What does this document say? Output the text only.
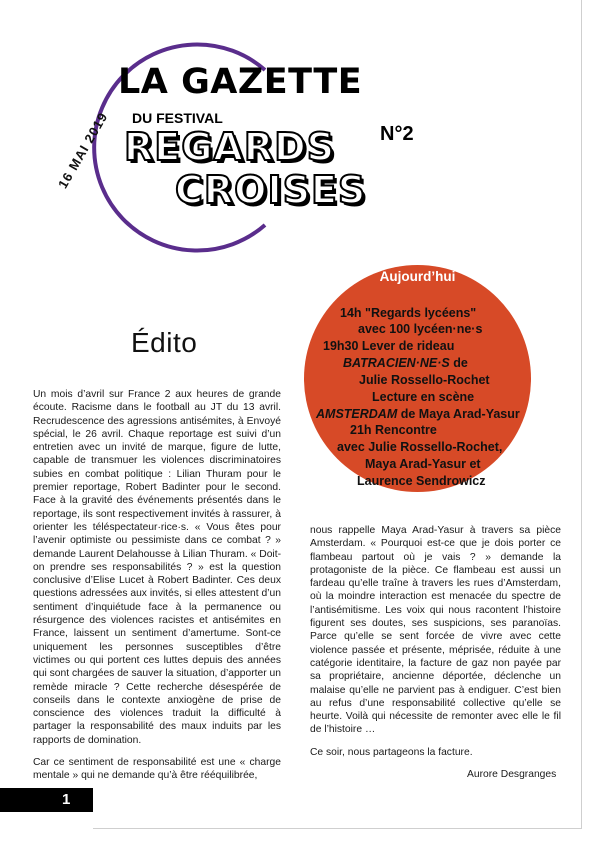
16 MAI 2019
LA GAZETTE
DU FESTIVAL
REGARDS
CROISES
N°2
Aujourd’hui
14h "Regards lycéens"
avec 100 lycéen·ne·s
19h30 Lever de rideau
BATRACIEN·NE·S de
Julie Rossello-Rochet
Lecture en scène
AMSTERDAM de Maya Arad-Yasur
21h Rencontre
avec Julie Rossello-Rochet,
Maya Arad-Yasur et
Laurence Sendrowicz
Édito

Un mois d’avril sur France 2 aux heures de grande écoute. Racisme dans le football au JT du 13 avril. Recrudescence des agressions antisémites, à Envoyé spécial, le 26 avril. Chaque reportage est suivi d’un entretien avec un invité de marque, figure de lutte, capable de transmuer les violences discriminatoires subies en combat politique : Lilian Thuram pour le premier reportage, Robert Badinter pour le second. Face à la gravité des événements présentés dans le reportage, ils sont respectivement invités à rassurer, à orienter les téléspectateur·rice·s. « Vous êtes pour l’avenir optimiste ou pessimiste dans ce combat ? » demande Laurent Delahousse à Lilian Thuram. « Doit-on prendre ses responsabilités ? » est la question conclusive d’Elise Lucet à Robert Badinter. Ces deux questions adressées aux invités, si elles attestent d’un sentiment d’inquiétude face à la permanence ou résurgence des violences racistes et antisémites en France, laissent un sentiment d’amertume. Sont-ce uniquement les personnes susceptibles d’être victimes ou qui portent ces luttes depuis des années qui sont chargées de sauver la situation, d’apporter un remède miracle ? Cette recherche désespérée de conseils dans le contexte anxiogène de prise de conscience des violences traduit la difficulté à partager la responsabilité des maux induits par les rapports de domination.

Car ce sentiment de responsabilité est une « charge mentale » qui ne demande qu’à être rééquilibrée,

nous rappelle Maya Arad-Yasur à travers sa pièce Amsterdam. « Pourquoi est-ce que je dois porter ce flambeau partout où je vais ? » demande la protagoniste de la pièce. Ce flambeau est aussi un fardeau qu’elle traîne à travers les rues d’Amsterdam, où la moindre interaction est menacée du spectre de l’antisémitisme. Les voix qui nous racontent l’histoire figurent ses doutes, ses suspicions, ses paranoïas. Parce qu’elle se sent forcée de vivre avec cette violence passée et présente, méprisée, réduite à une catégorie identitaire, la facture de gaz non payée par sa propriétaire, ancienne déportée, déclenche un malaise qu’elle ne parvient pas à endiguer. C’est bien au refus d’une responsabilité collective qu’elle se heurte. Voilà qui nécessite de remonter avec elle le fil de l’histoire …

Ce soir, nous partageons la facture.

Aurore Desgranges
1
